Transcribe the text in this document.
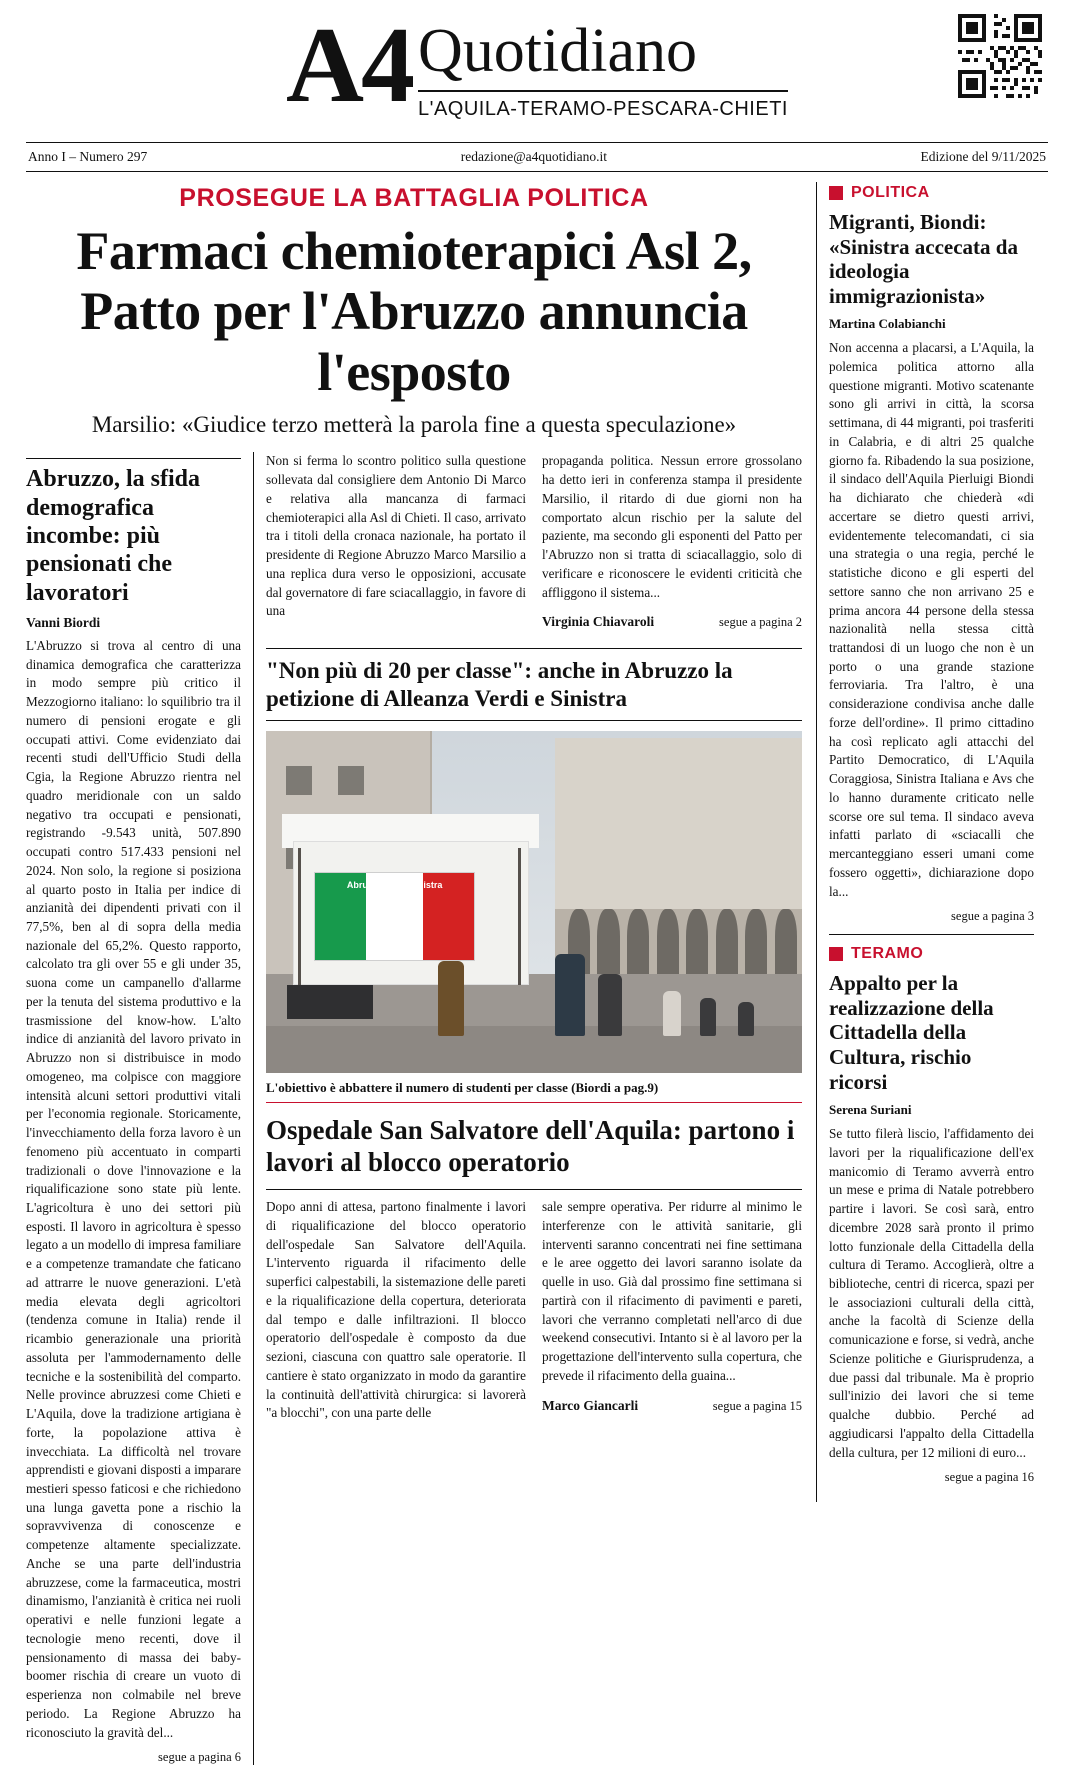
A4 Quotidiano
L'AQUILA-TERAMO-PESCARA-CHIETI
Anno I – Numero 297	redazione@a4quotidiano.it	Edizione del 9/11/2025
PROSEGUE LA BATTAGLIA POLITICA
Farmaci chemioterapici Asl 2, Patto per l'Abruzzo annuncia l'esposto
Marsilio: «Giudice terzo metterà la parola fine a questa speculazione»
Abruzzo, la sfida demografica incombe: più pensionati che lavoratori
Vanni Biordi

L'Abruzzo si trova al centro di una dinamica demografica che caratterizza in modo sempre più critico il Mezzogiorno italiano: lo squilibrio tra il numero di pensioni erogate e gli occupati attivi. Come evidenziato dai recenti studi dell'Ufficio Studi della Cgia, la Regione Abruzzo rientra nel quadro meridionale con un saldo negativo tra occupati e pensionati, registrando -9.543 unità, 507.890 occupati contro 517.433 pensioni nel 2024. Non solo, la regione si posiziona al quarto posto in Italia per indice di anzianità dei dipendenti privati con il 77,5%, ben al di sopra della media nazionale del 65,2%. Questo rapporto, calcolato tra gli over 55 e gli under 35, suona come un campanello d'allarme per la tenuta del sistema produttivo e la trasmissione del know-how. L'alto indice di anzianità del lavoro privato in Abruzzo non si distribuisce in modo omogeneo, ma colpisce con maggiore intensità alcuni settori produttivi vitali per l'economia regionale. Storicamente, l'invecchiamento della forza lavoro è un fenomeno più accentuato in comparti tradizionali o dove l'innovazione e la riqualificazione sono state più lente. L'agricoltura è uno dei settori più esposti. Il lavoro in agricoltura è spesso legato a un modello di impresa familiare e a competenze tramandate che faticano ad attrarre le nuove generazioni. L'età media elevata degli agricoltori (tendenza comune in Italia) rende il ricambio generazionale una priorità assoluta per l'ammodernamento delle tecniche e la sostenibilità del comparto. Nelle province abruzzesi come Chieti e L'Aquila, dove la tradizione artigiana è forte, la popolazione attiva è invecchiata. La difficoltà nel trovare apprendisti e giovani disposti a imparare mestieri spesso faticosi e che richiedono una lunga gavetta pone a rischio la sopravvivenza di conoscenze e competenze altamente specializzate. Anche se una parte dell'industria abruzzese, come la farmaceutica, mostri dinamismo, l'anzianità è critica nei ruoli operativi e nelle funzioni legate a tecnologie meno recenti, dove il pensionamento di massa dei baby-boomer rischia di creare un vuoto di esperienza non colmabile nel breve periodo. La Regione Abruzzo ha riconosciuto la gravità del...

segue a pagina 6

Non si ferma lo scontro politico sulla questione sollevata dal consigliere dem Antonio Di Marco e relativa alla mancanza di farmaci chemioterapici alla Asl di Chieti. Il caso, arrivato tra i titoli della cronaca nazionale, ha portato il presidente di Regione Abruzzo Marco Marsilio a una replica dura verso le opposizioni, accusate dal governatore di fare sciacallaggio, in favore di una

propaganda politica. Nessun errore grossolano ha detto ieri in conferenza stampa il presidente Marsilio, il ritardo di due giorni non ha comportato alcun rischio per la salute del paziente, ma secondo gli esponenti del Patto per l'Abruzzo non si tratta di sciacallaggio, solo di verificare e riconoscere le evidenti criticità che affliggono il sistema...

Virginia Chiavaroli	segue a pagina 2
"Non più di 20 per classe": anche in Abruzzo la petizione di Alleanza Verdi e Sinistra
Abruzzo Verdi Sinistra
L'obiettivo è abbattere il numero di studenti per classe (Biordi a pag.9)
Ospedale San Salvatore dell'Aquila: partono i lavori al blocco operatorio

Dopo anni di attesa, partono finalmente i lavori di riqualificazione del blocco operatorio dell'ospedale San Salvatore dell'Aquila. L'intervento riguarda il rifacimento delle superfici calpestabili, la sistemazione delle pareti e la riqualificazione della copertura, deteriorata dal tempo e dalle infiltrazioni. Il blocco operatorio dell'ospedale è composto da due sezioni, ciascuna con quattro sale operatorie. Il cantiere è stato organizzato in modo da garantire la continuità dell'attività chirurgica: si lavorerà "a blocchi", con una parte delle

sale sempre operativa. Per ridurre al minimo le interferenze con le attività sanitarie, gli interventi saranno concentrati nei fine settimana e le aree oggetto dei lavori saranno isolate da quelle in uso. Già dal prossimo fine settimana si partirà con il rifacimento di pavimenti e pareti, lavori che verranno completati nell'arco di due weekend consecutivi. Intanto si è al lavoro per la progettazione dell'intervento sulla copertura, che prevede il rifacimento della guaina...

Marco Giancarli	segue a pagina 15
POLITICA
Migranti, Biondi: «Sinistra accecata da ideologia immigrazionista»
Martina Colabianchi

Non accenna a placarsi, a L'Aquila, la polemica politica attorno alla questione migranti. Motivo scatenante sono gli arrivi in città, la scorsa settimana, di 44 migranti, poi trasferiti in Calabria, e di altri 25 qualche giorno fa. Ribadendo la sua posizione, il sindaco dell'Aquila Pierluigi Biondi ha dichiarato che chiederà «di accertare se dietro questi arrivi, evidentemente telecomandati, ci sia una strategia o una regia, perché le statistiche dicono e gli esperti del settore sanno che non arrivano 25 e prima ancora 44 persone della stessa nazionalità nella stessa città trattandosi di un luogo che non è un porto o una grande stazione ferroviaria. Tra l'altro, è una considerazione condivisa anche dalle forze dell'ordine». Il primo cittadino ha così replicato agli attacchi del Partito Democratico, di L'Aquila Coraggiosa, Sinistra Italiana e Avs che lo hanno duramente criticato nelle scorse ore sul tema. Il sindaco aveva infatti parlato di «sciacalli che mercanteggiano esseri umani come fossero oggetti», dichiarazione dopo la...

segue a pagina 3
TERAMO
Appalto per la realizzazione della Cittadella della Cultura, rischio ricorsi
Serena Suriani

Se tutto filerà liscio, l'affidamento dei lavori per la riqualificazione dell'ex manicomio di Teramo avverrà entro un mese e prima di Natale potrebbero partire i lavori. Se così sarà, entro dicembre 2028 sarà pronto il primo lotto funzionale della Cittadella della cultura di Teramo. Accoglierà, oltre a biblioteche, centri di ricerca, spazi per le associazioni culturali della città, anche la facoltà di Scienze della comunicazione e forse, si vedrà, anche Scienze politiche e Giurisprudenza, a due passi dal tribunale. Ma è proprio sull'inizio dei lavori che si teme qualche dubbio. Perché ad aggiudicarsi l'appalto della Cittadella della cultura, per 12 milioni di euro...

segue a pagina 16
